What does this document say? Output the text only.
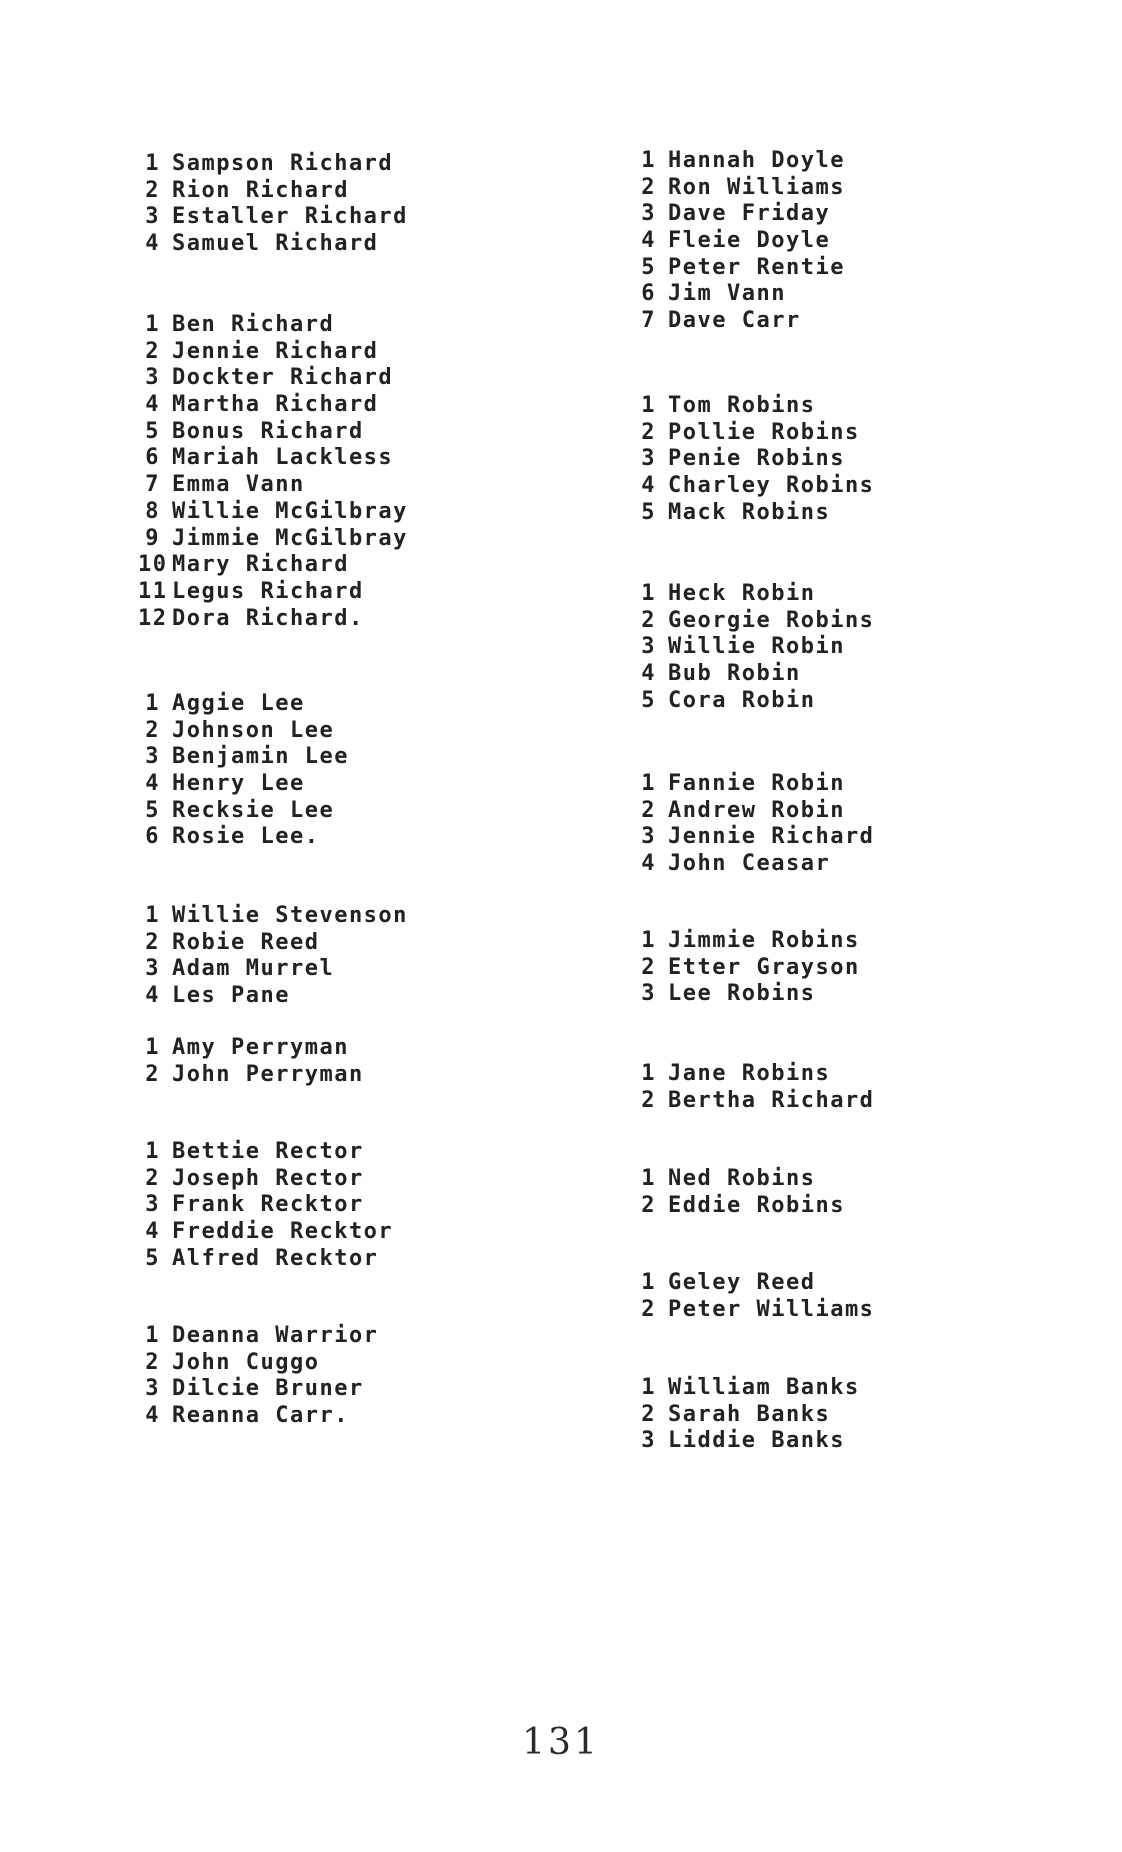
1 Sampson Richard
2 Rion Richard
3 Estaller Richard
4 Samuel Richard
1 Ben Richard
2 Jennie Richard
3 Dockter Richard
4 Martha Richard
5 Bonus Richard
6 Mariah Lackless
7 Emma Vann
8 Willie McGilbray
9 Jimmie McGilbray
10 Mary Richard
11 Legus Richard
12 Dora Richard.
1 Aggie Lee
2 Johnson Lee
3 Benjamin Lee
4 Henry Lee
5 Recksie Lee
6 Rosie Lee.
1 Willie Stevenson
2 Robie Reed
3 Adam Murrel
4 Les Pane
1 Amy Perryman
2 John Perryman
1 Bettie Rector
2 Joseph Rector
3 Frank Recktor
4 Freddie Recktor
5 Alfred Recktor
1 Deanna Warrior
2 John Cuggo
3 Dilcie Bruner
4 Reanna Carr.
1 Hannah Doyle
2 Ron Williams
3 Dave Friday
4 Fleie Doyle
5 Peter Rentie
6 Jim Vann
7 Dave Carr
1 Tom Robins
2 Pollie Robins
3 Penie Robins
4 Charley Robins
5 Mack Robins
1 Heck Robin
2 Georgie Robins
3 Willie Robin
4 Bub Robin
5 Cora Robin
1 Fannie Robin
2 Andrew Robin
3 Jennie Richard
4 John Ceasar
1 Jimmie Robins
2 Etter Grayson
3 Lee Robins
1 Jane Robins
2 Bertha Richard
1 Ned Robins
2 Eddie Robins
1 Geley Reed
2 Peter Williams
1 William Banks
2 Sarah Banks
3 Liddie Banks
131
